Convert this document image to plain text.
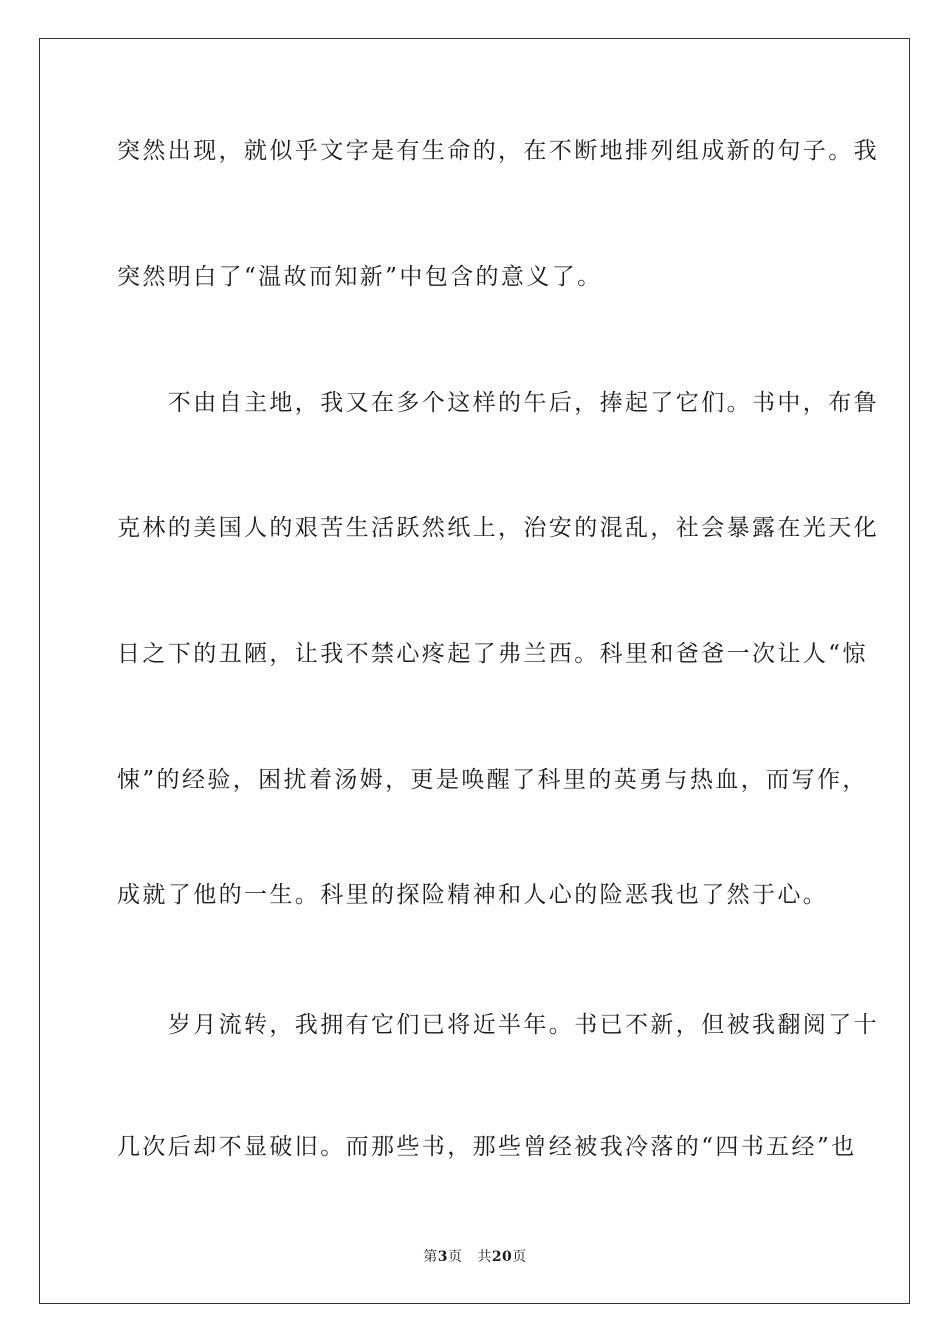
突然出现，就似乎文字是有生命的，在不断地排列组成新的句子。我
突然明白了“温故而知新”中包含的意义了。
　　不由自主地，我又在多个这样的午后，捧起了它们。书中，布鲁
克林的美国人的艰苦生活跃然纸上，治安的混乱，社会暴露在光天化
日之下的丑陋，让我不禁心疼起了弗兰西。科里和爸爸一次让人“惊
悚”的经验，困扰着汤姆，更是唤醒了科里的英勇与热血，而写作，
成就了他的一生。科里的探险精神和人心的险恶我也了然于心。
　　岁月流转，我拥有它们已将近半年。书已不新，但被我翻阅了十
几次后却不显破旧。而那些书，那些曾经被我冷落的“四书五经”也
第3页 共20页
